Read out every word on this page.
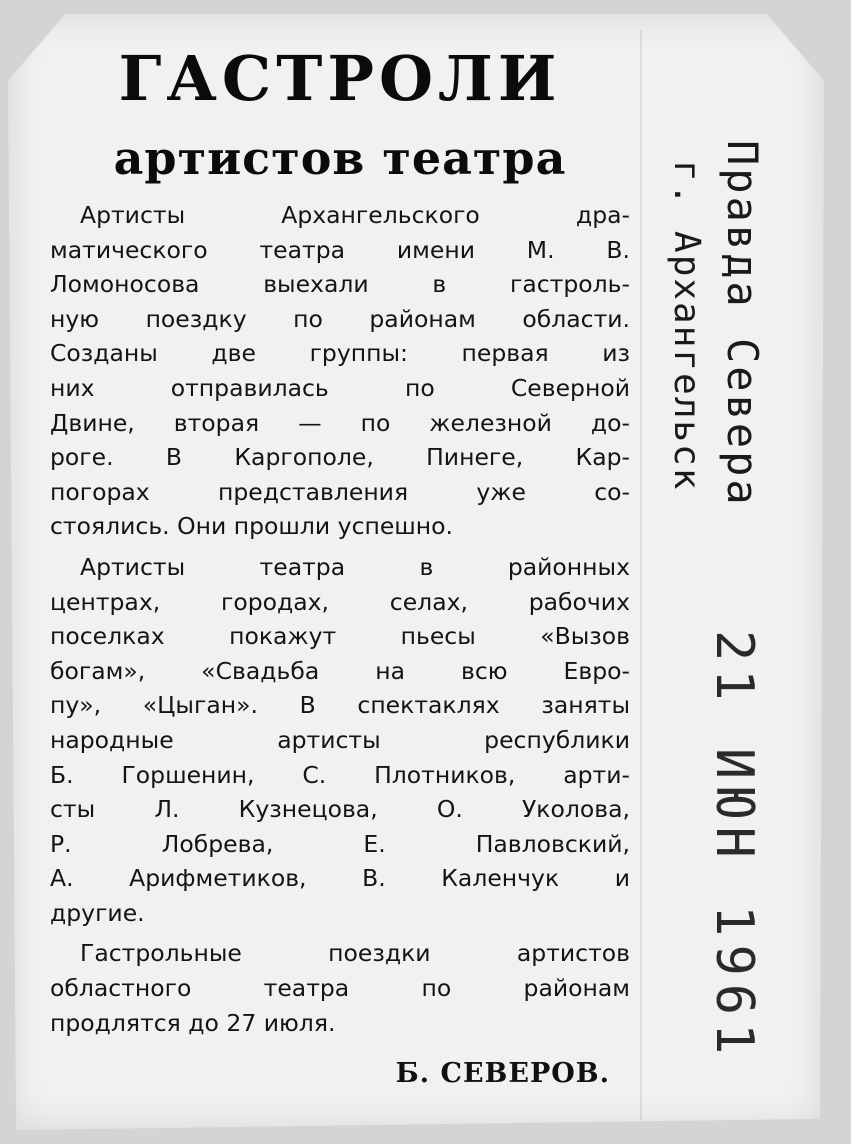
ГАСТРОЛИ
артистов театра
Артисты Архангельского дра-
матического театра имени М. В.
Ломоносова выехали в гастроль-
ную поездку по районам области.
Созданы две группы: первая из
них отправилась по Северной
Двине, вторая — по железной до-
роге. В Каргополе, Пинеге, Кар-
погорах представления уже со-
стоялись. Они прошли успешно.
Артисты театра в районных
центрах, городах, селах, рабочих
поселках покажут пьесы «Вызов
богам», «Свадьба на всю Евро-
пу», «Цыган». В спектаклях заняты
народные артисты республики
Б. Горшенин, С. Плотников, арти-
сты Л. Кузнецова, О. Уколова,
Р. Лобрева, Е. Павловский,
А. Арифметиков, В. Каленчук и
другие.
Гастрольные поездки артистов
областного театра по районам
продлятся до 27 июля.
Б. СЕВЕРОВ.
Правда Севера
г. Архангельск
21 ИЮН 1961
